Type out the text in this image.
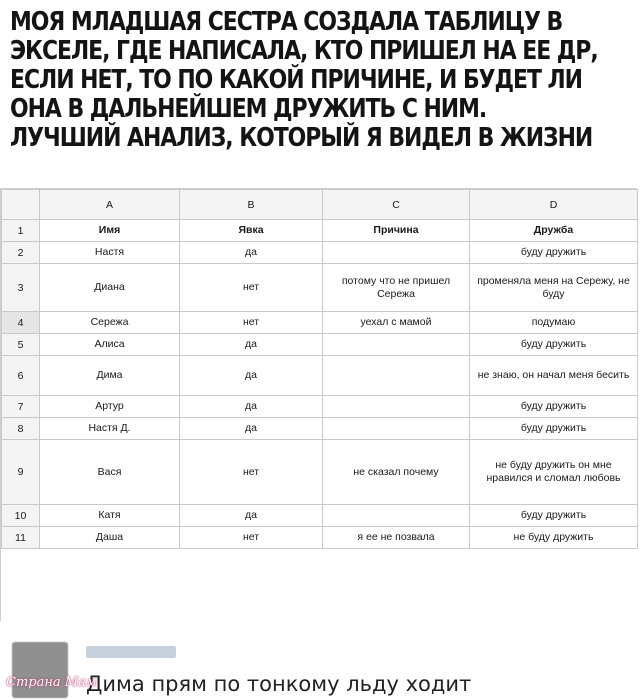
МОЯ МЛАДШАЯ СЕСТРА СОЗДАЛА ТАБЛИЦУ В
ЭКСЕЛЕ, ГДЕ НАПИСАЛА, КТО ПРИШЕЛ НА ЕЕ ДР,
ЕСЛИ НЕТ, ТО ПО КАКОЙ ПРИЧИНЕ, И БУДЕТ ЛИ
ОНА В ДАЛЬНЕЙШЕМ ДРУЖИТЬ С НИМ.
ЛУЧШИЙ АНАЛИЗ, КОТОРЫЙ Я ВИДЕЛ В ЖИЗНИ
	A	B	C	D
1	Имя	Явка	Причина	Дружба
2	Настя	да		буду дружить
3	Диана	нет	потому что не пришел Сережа	променяла меня на Сережу, не буду
4	Сережа	нет	уехал с мамой	подумаю
5	Алиса	да		буду дружить
6	Дима	да		не знаю, он начал меня бесить
7	Артур	да		буду дружить
8	Настя Д.	да		буду дружить
9	Вася	нет	не сказал почему	не буду дружить он мне нравился и сломал любовь
10	Катя	да		буду дружить
11	Даша	нет	я ее не позвала	не буду дружить
Дима прям по тонкому льду ходит
Страна Мам
